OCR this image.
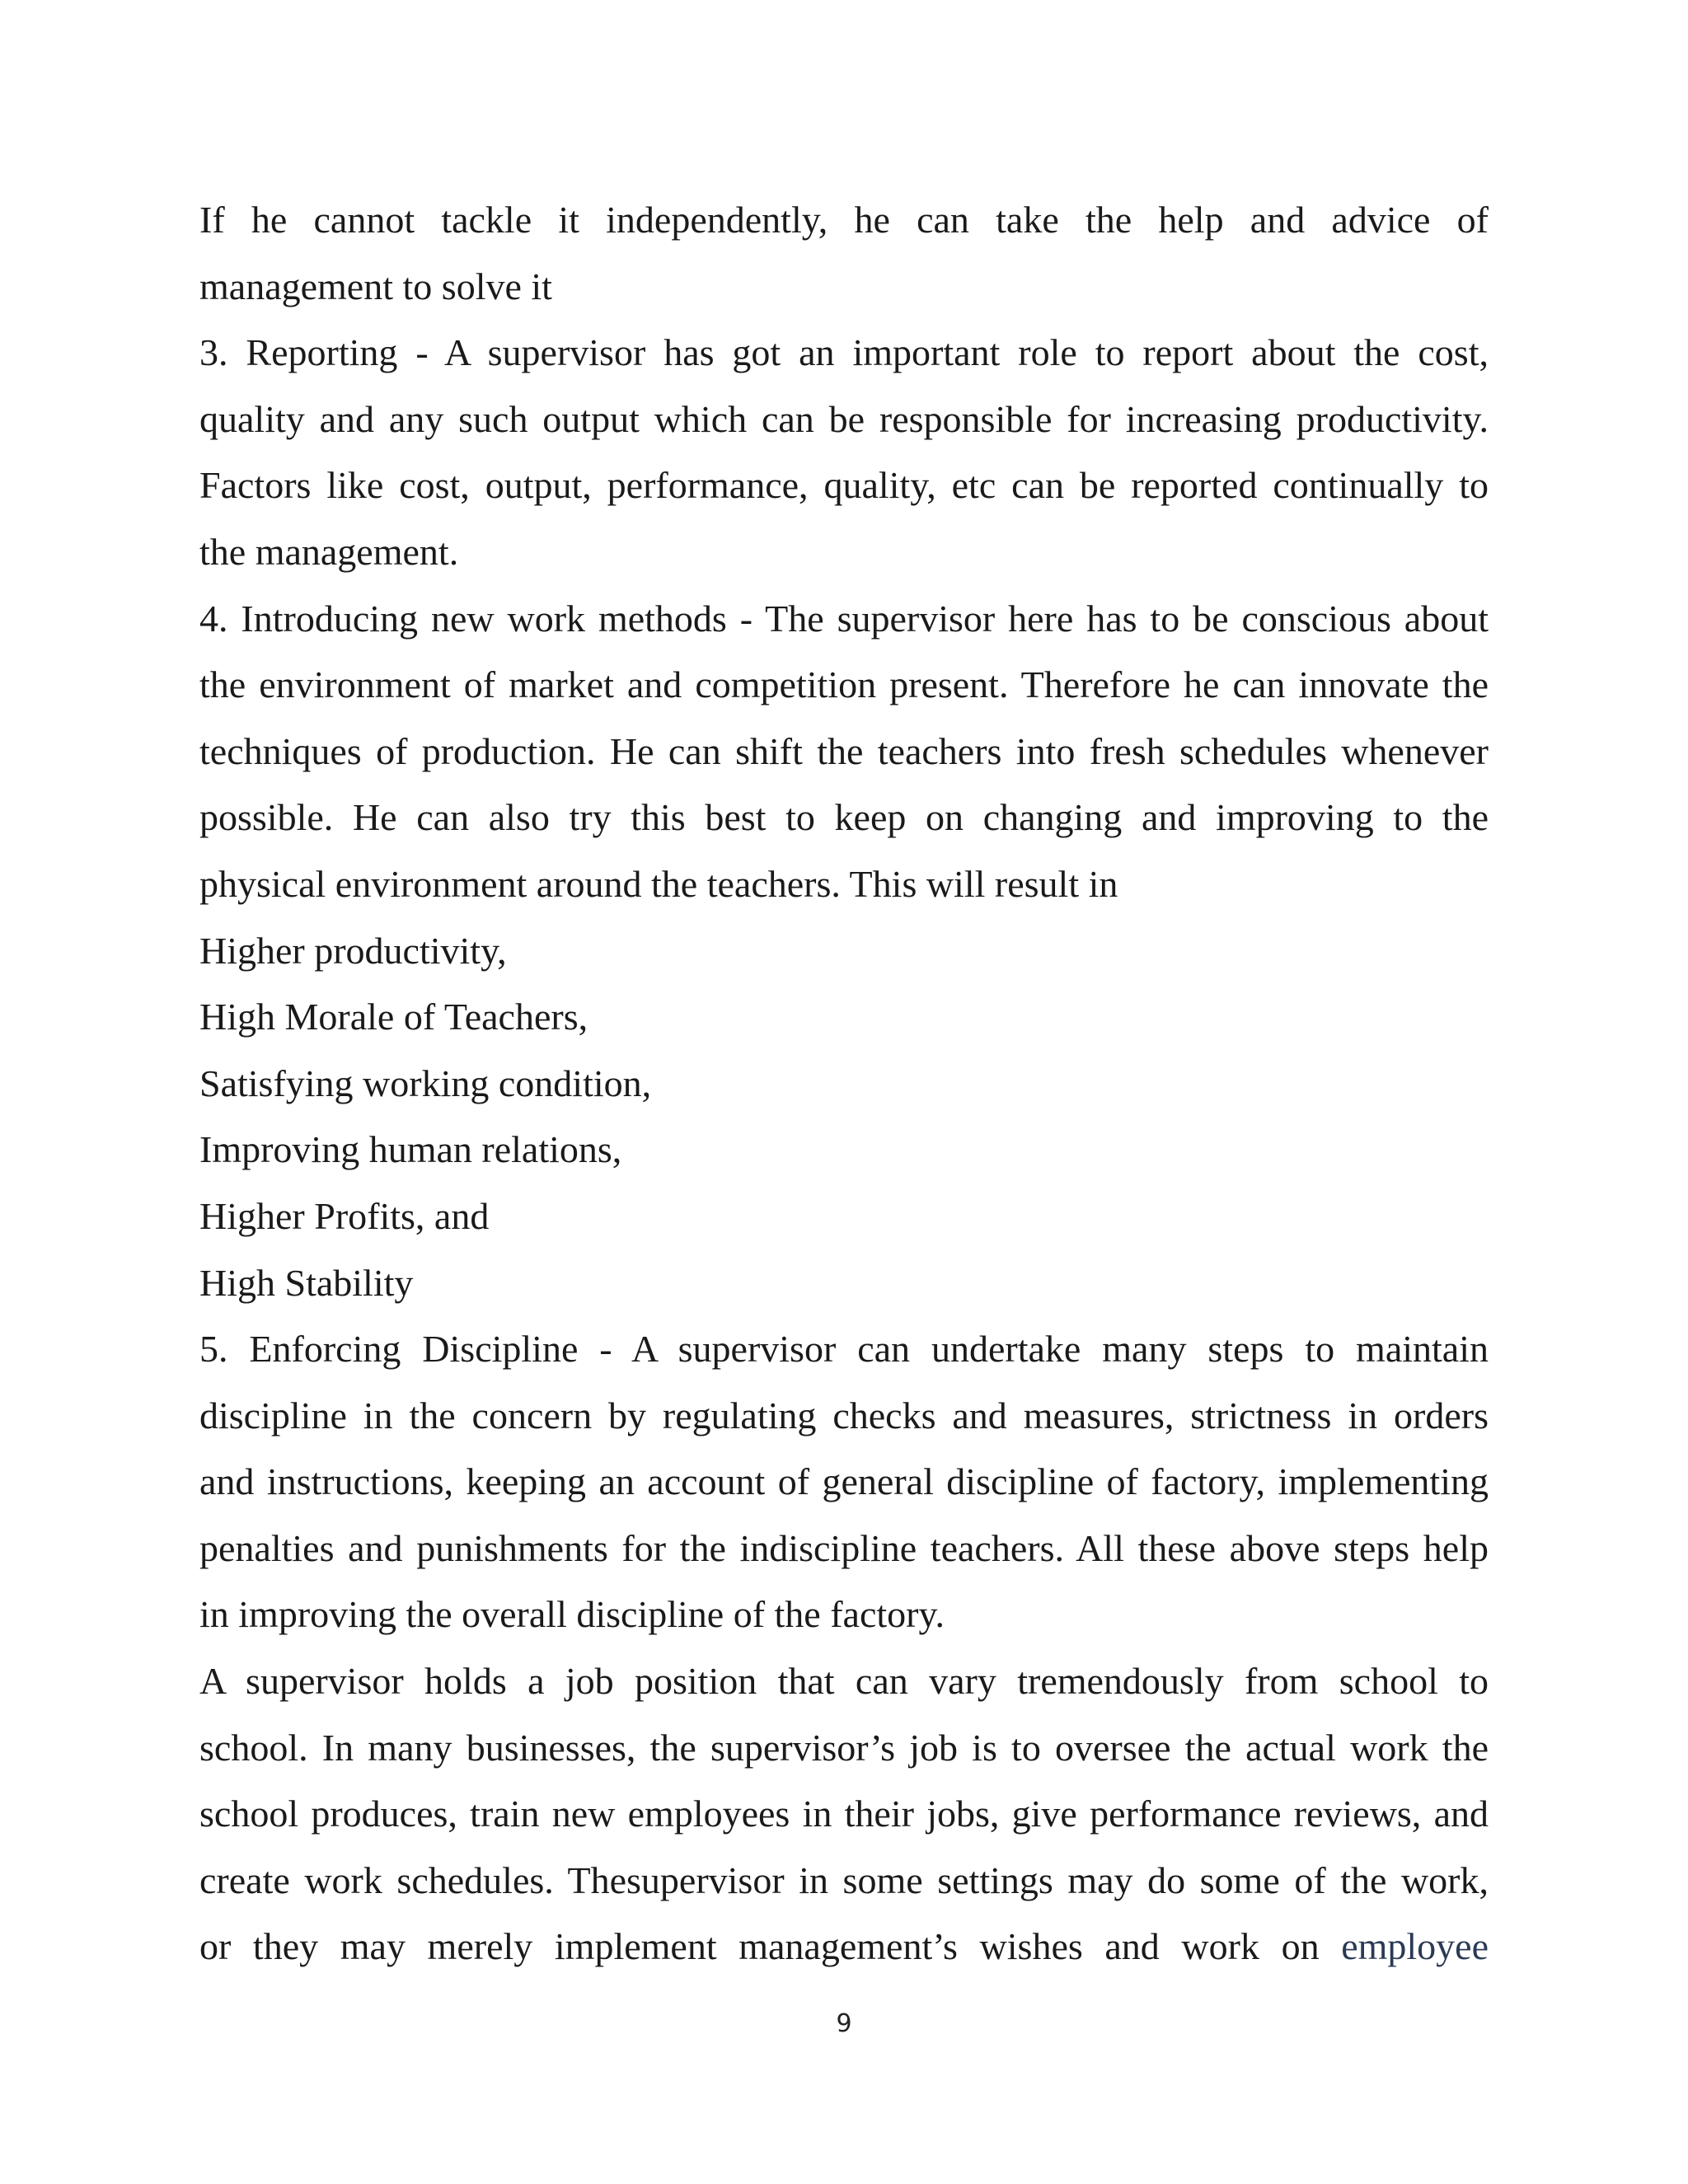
If he cannot tackle it independently, he can take the help and advice of
management to solve it

3. Reporting - A supervisor has got an important role to report about the cost,
quality and any such output which can be responsible for increasing productivity.
Factors like cost, output, performance, quality, etc can be reported continually to
the management.

4. Introducing new work methods - The supervisor here has to be conscious about
the environment of market and competition present. Therefore he can innovate the
techniques of production. He can shift the teachers into fresh schedules whenever
possible. He can also try this best to keep on changing and improving to the
physical environment around the teachers. This will result in

Higher productivity,
High Morale of Teachers,
Satisfying working condition,
Improving human relations,
Higher Profits, and
High Stability

5. Enforcing Discipline - A supervisor can undertake many steps to maintain
discipline in the concern by regulating checks and measures, strictness in orders
and instructions, keeping an account of general discipline of factory, implementing
penalties and punishments for the indiscipline teachers. All these above steps help
in improving the overall discipline of the factory.

A supervisor holds a job position that can vary tremendously from school to
school. In many businesses, the supervisor’s job is to oversee the actual work the
school produces, train new employees in their jobs, give performance reviews, and
create work schedules. Thesupervisor in some settings may do some of the work,
or they may merely implement management’s wishes and work on employee

9
